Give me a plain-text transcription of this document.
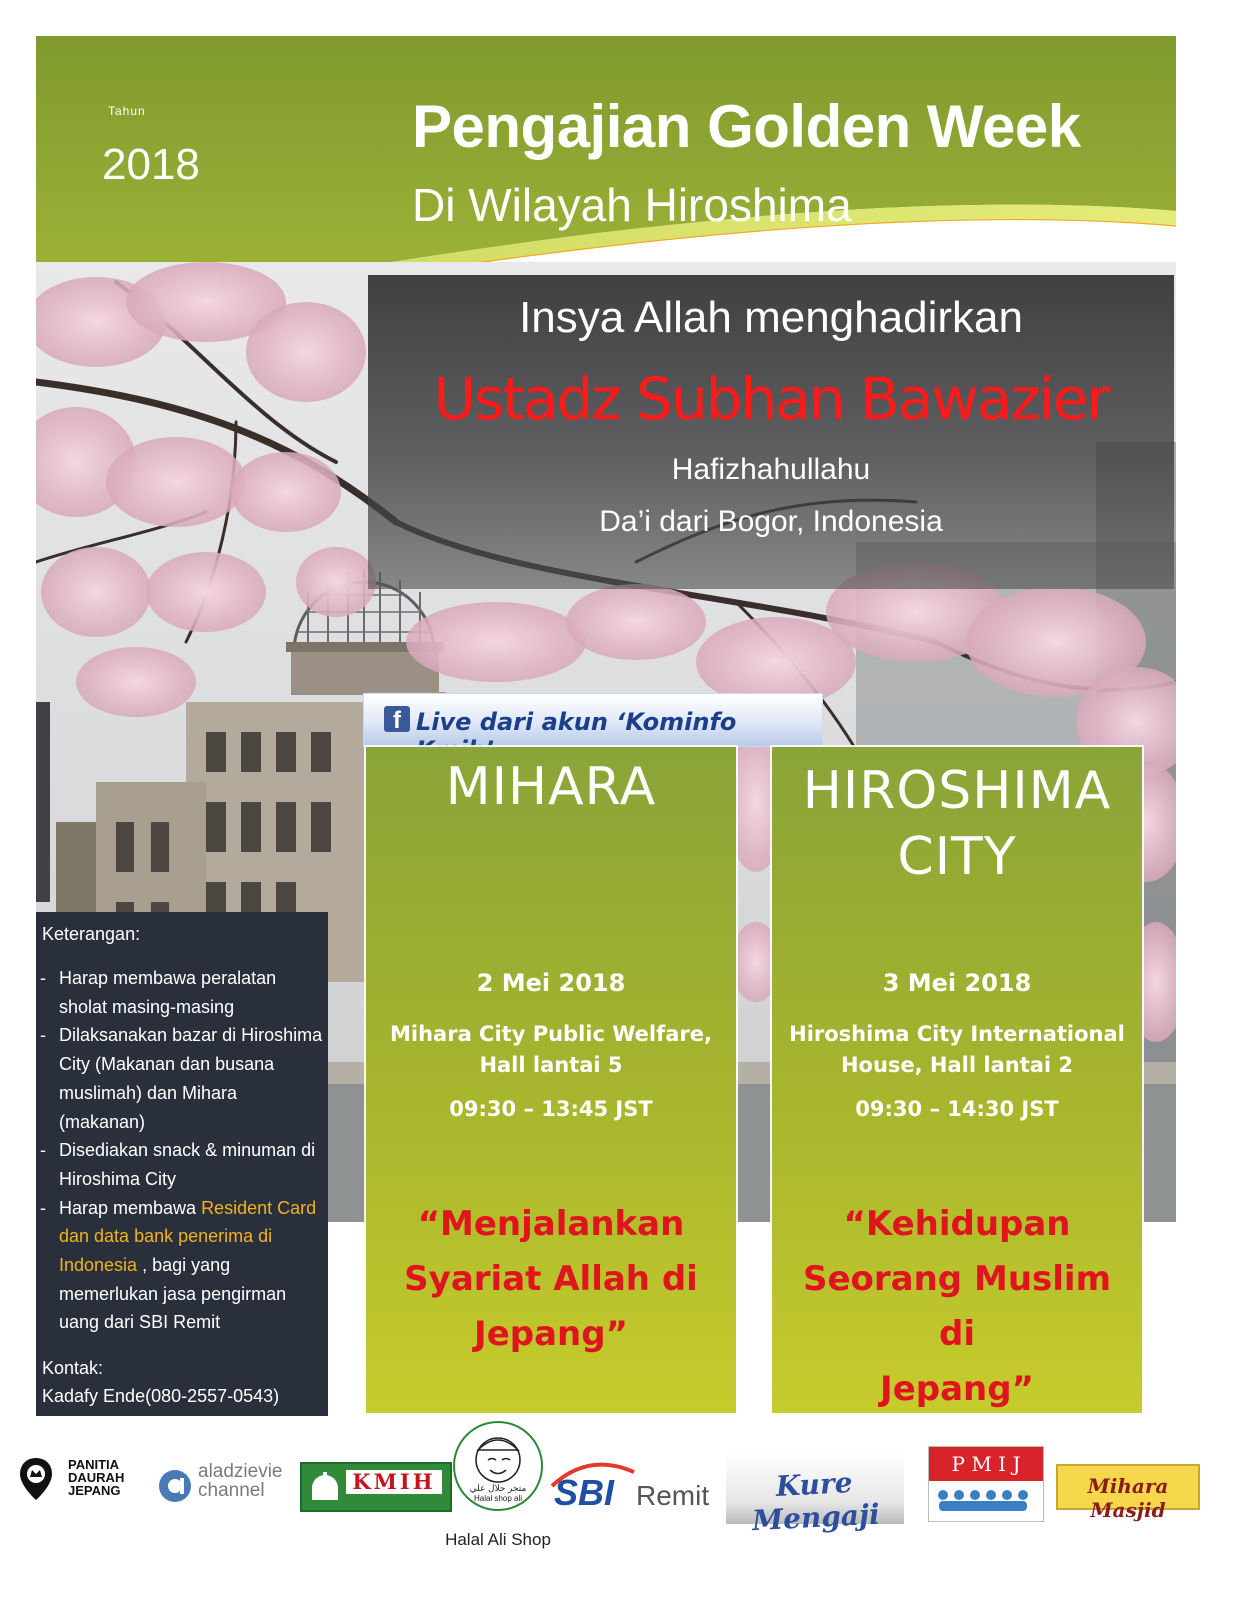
Tahun
2018
Pengajian Golden Week
Di Wilayah Hiroshima
Insya Allah menghadirkan
Ustadz Subhan Bawazier
Hafizhahullahu
Da’i dari Bogor, Indonesia
f Live dari akun ‘Kominfo
MIHARA
2 Mei 2018
Mihara City Public Welfare,
Hall lantai 5
09:30 – 13:45 JST
“Menjalankan
Syariat Allah di
Jepang”
HIROSHIMA
CITY
3 Mei 2018
Hiroshima City International
House, Hall lantai 2
09:30 – 14:30 JST
“Kehidupan
Seorang Muslim di
Jepang”
Keterangan:
- Harap membawa peralatan sholat masing-masing
- Dilaksanakan bazar di Hiroshima City (Makanan dan busana muslimah) dan Mihara (makanan)
- Disediakan snack & minuman di Hiroshima City
- Harap membawa Resident Card dan data bank penerima di Indonesia , bagi yang memerlukan jasa pengirman uang dari SBI Remit
Kontak:
Kadafy Ende(080-2557-0543)
PANITIA
DAURAH
JEPANG
aladzievie
channel	KMIH	متجر حلال علي
Halal shop ali
Halal Ali Shop
SBI Remit	Kure Mengaji
P M I J
Mihara Masjid
